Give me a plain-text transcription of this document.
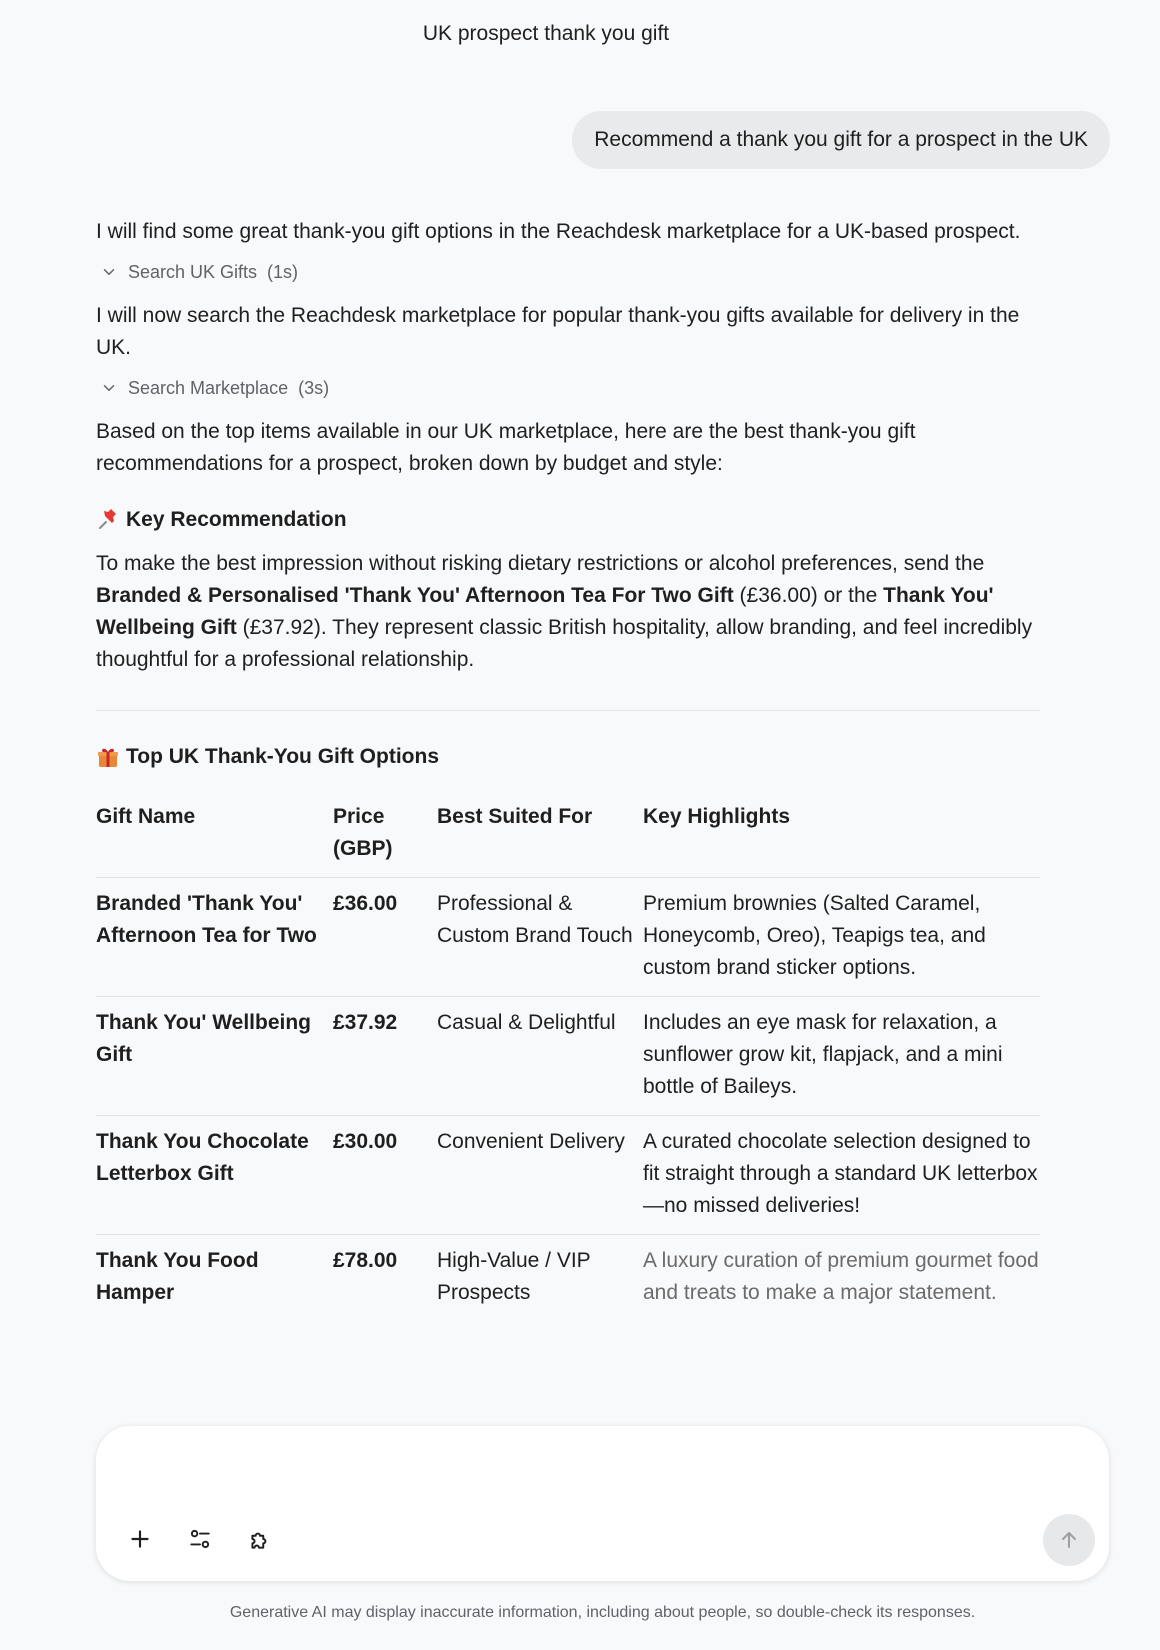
UK prospect thank you gift
Recommend a thank you gift for a prospect in the UK
I will find some great thank-you gift options in the Reachdesk marketplace for a UK-based prospect.
Search UK Gifts (1s)
I will now search the Reachdesk marketplace for popular thank-you gifts available for delivery in the UK.
Search Marketplace (3s)
Based on the top items available in our UK marketplace, here are the best thank-you gift recommendations for a prospect, broken down by budget and style:
Key Recommendation
To make the best impression without risking dietary restrictions or alcohol preferences, send the Branded & Personalised 'Thank You' Afternoon Tea For Two Gift (£36.00) or the Thank You' Wellbeing Gift (£37.92). They represent classic British hospitality, allow branding, and feel incredibly thoughtful for a professional relationship.
Top UK Thank-You Gift Options
Gift Name	Price (GBP)	Best Suited For	Key Highlights
Branded 'Thank You' Afternoon Tea for Two	£36.00	Professional & Custom Brand Touch	Premium brownies (Salted Caramel, Honeycomb, Oreo), Teapigs tea, and custom brand sticker options.
Thank You' Wellbeing Gift	£37.92	Casual & Delightful	Includes an eye mask for relaxation, a sunflower grow kit, flapjack, and a mini bottle of Baileys.
Thank You Chocolate Letterbox Gift	£30.00	Convenient Delivery	A curated chocolate selection designed to fit straight through a standard UK letterbox—no missed deliveries!
Thank You Food Hamper	£78.00	High-Value / VIP Prospects	A luxury curation of premium gourmet food and treats to make a major statement.
Generative AI may display inaccurate information, including about people, so double-check its responses.
